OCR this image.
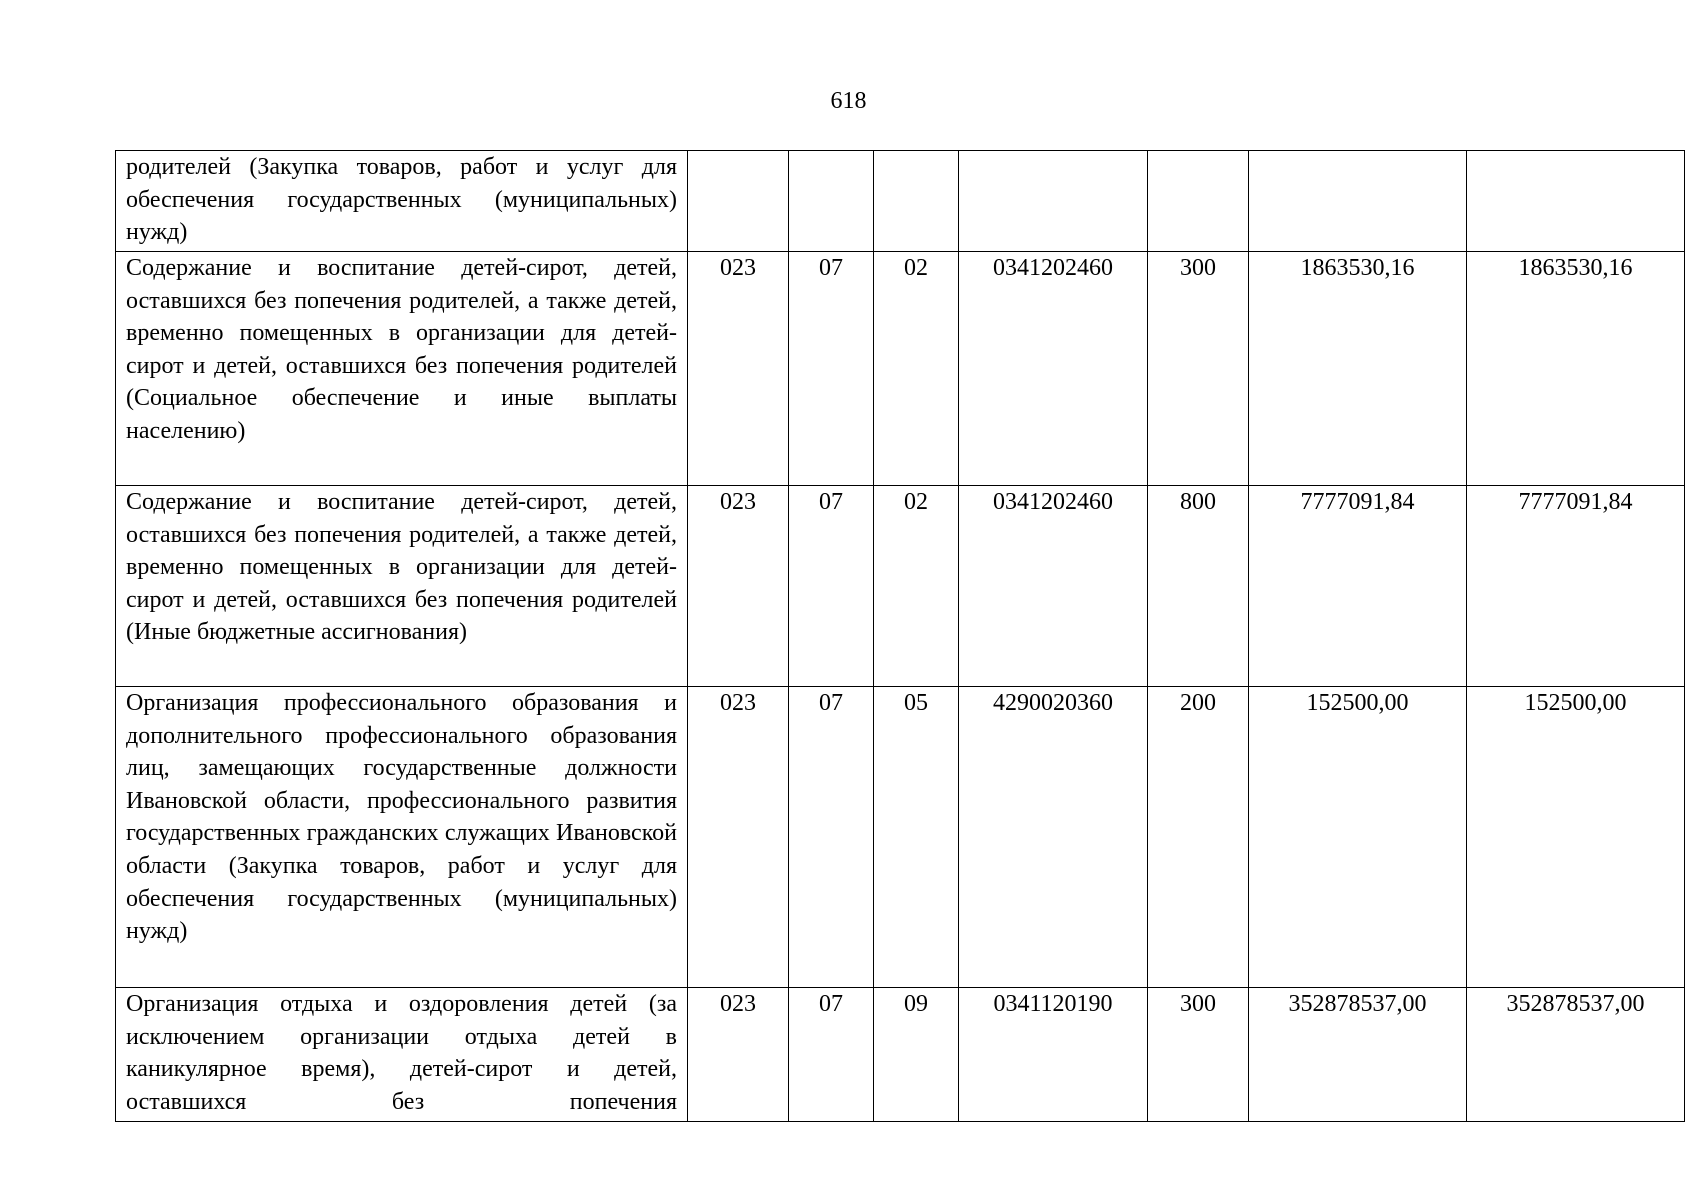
618
родителей (Закупка товаров, работ и услуг для обеспечения государственных (муниципальных) нужд)							
Содержание и воспитание детей-сирот, детей, оставшихся без попечения родителей, а также детей, временно помещенных в организации для детей-сирот и детей, оставшихся без попечения родителей (Социальное обеспечение и иные выплаты населению)	023	07	02	0341202460	300	1863530,16	1863530,16
Содержание и воспитание детей-сирот, детей, оставшихся без попечения родителей, а также детей, временно помещенных в организации для детей-сирот и детей, оставшихся без попечения родителей (Иные бюджетные ассигнования)	023	07	02	0341202460	800	7777091,84	7777091,84
Организация профессионального образования и дополнительного профессионального образования лиц, замещающих государственные должности Ивановской области, профессионального развития государственных гражданских служащих Ивановской области (Закупка товаров, работ и услуг для обеспечения государственных (муниципальных) нужд)	023	07	05	4290020360	200	152500,00	152500,00
Организация отдыха и оздоровления детей (за исключением организации отдыха детей в каникулярное время), детей-сирот и детей, оставшихся без попечения	023	07	09	0341120190	300	352878537,00	352878537,00
